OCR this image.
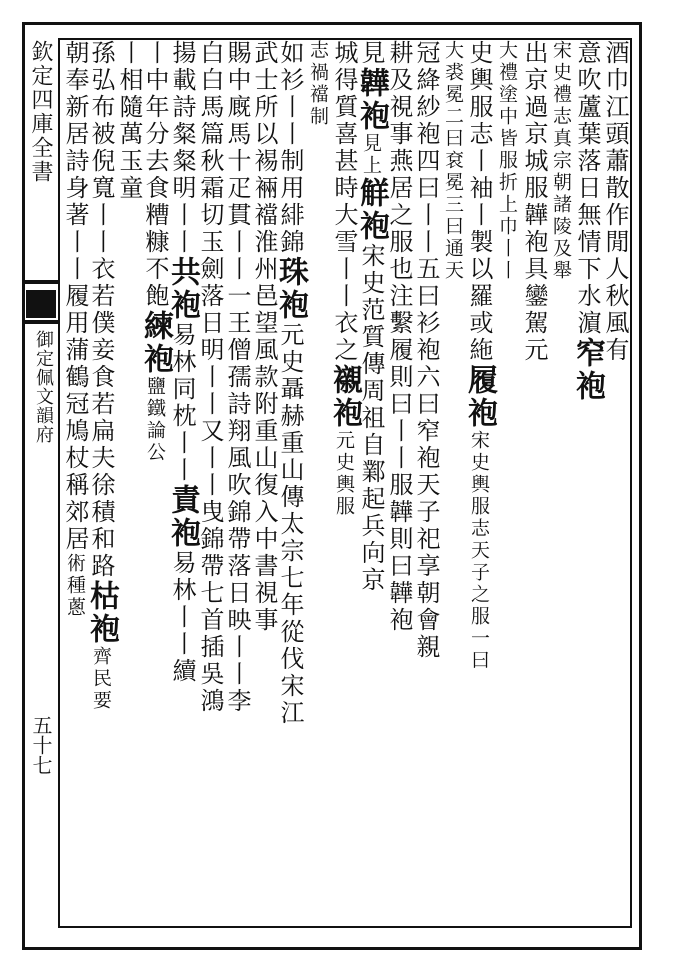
欽定四庫全書
御定佩文韻府
五十七
酒巾江頭蕭散作閒人秋風有
意吹蘆葉落日無情下水濵窄袍
宋史禮志真宗朝諸陵及舉
出京過京城服韡袍具鑾駕元
大禮塗中皆服折上巾丨丨
史輿服志丨袖丨製以羅或絁履袍宋史輿服志天子之服一曰
大裘冕二曰袞冕三曰通天
冠絳紗袍四曰丨丨五曰衫袍六曰窄袍天子祀享朝會親
耕及視事燕居之服也注繫履則曰丨丨服韡則曰韡袍
見韡袍見上觧袍宋史范質傳周祖自鄴起兵向京
城得質喜甚時大雪丨丨衣之襯袍元史輿服
志禍襠制
如衫丨丨制用緋錦珠袍元史聶赫重山傳太宗七年從伐宋江
武士所以裼裲襠淮州邑望風款附重山復入中書視事
賜中廐馬十疋貫丨丨一王僧孺詩翔風吹錦帶落日映丨丨李
白白馬篇秋霜切玉劍落日明丨丨又丨丨曳錦帶七首插吳鴻
揚載詩粲粲明丨丨共袍易林同枕丨丨責袍易林丨丨續
丨中年分去食糟糠不飽練袍鹽鐵論公
丨相隨萬玉童
孫弘布被倪寬丨丨衣若僕妾食若扁夫徐積和路枯袍齊民要
朝奉新居詩身著丨丨履用蒲鶴冠鳩杖稱郊居術種蔥
